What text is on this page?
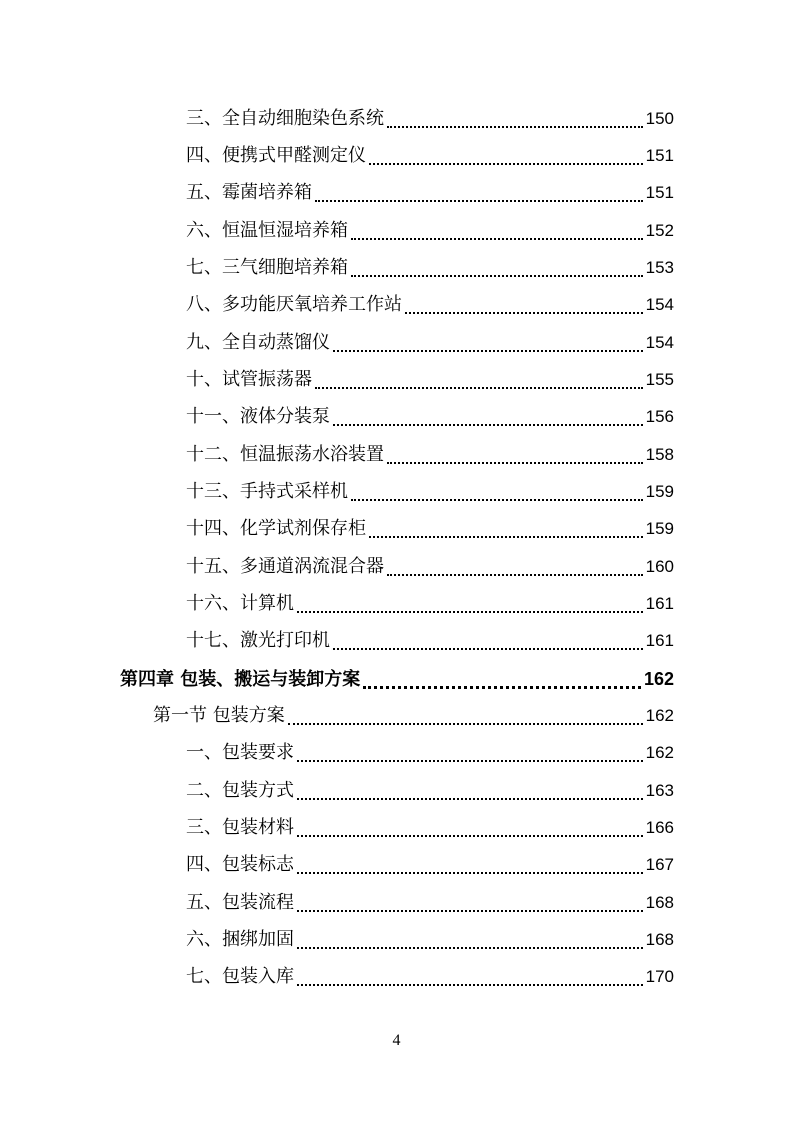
三、全自动细胞染色系统	150
四、便携式甲醛测定仪	151
五、霉菌培养箱	151
六、恒温恒湿培养箱	152
七、三气细胞培养箱	153
八、多功能厌氧培养工作站	154
九、全自动蒸馏仪	154
十、试管振荡器	155
十一、液体分装泵	156
十二、恒温振荡水浴装置	158
十三、手持式采样机	159
十四、化学试剂保存柜	159
十五、多通道涡流混合器	160
十六、计算机	161
十七、激光打印机	161
第四章 包装、搬运与装卸方案	162
第一节 包装方案	162
一、包装要求	162
二、包装方式	163
三、包装材料	166
四、包装标志	167
五、包装流程	168
六、捆绑加固	168
七、包装入库	170
4
